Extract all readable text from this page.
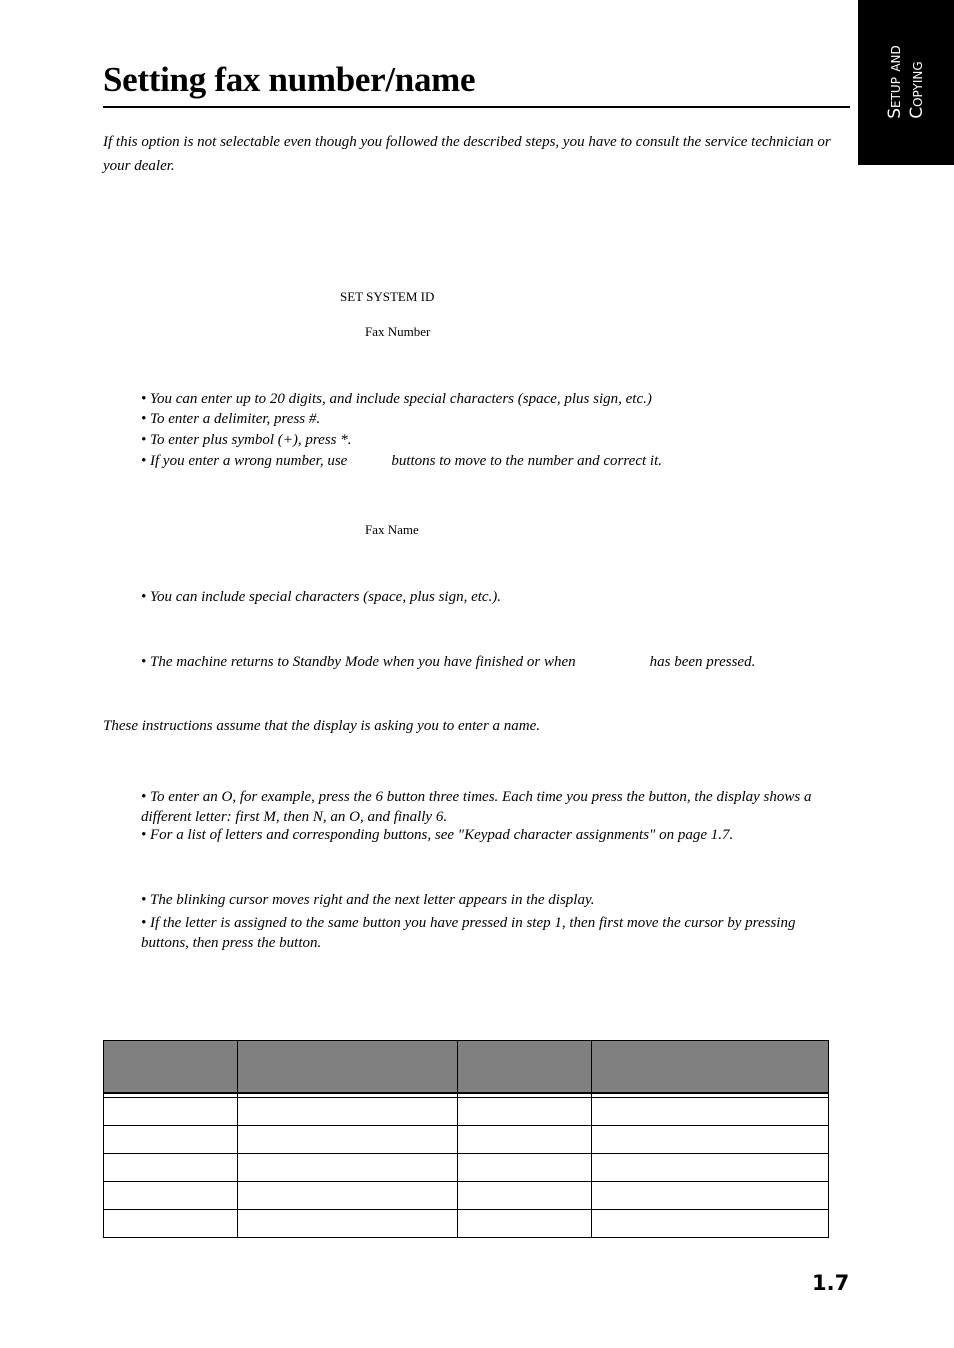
Setup and Copying
Setting fax number/name
If this option is not selectable even though you followed the described steps, you have to consult the service technician or your dealer.
SET SYSTEM ID
Fax Number
• You can enter up to 20 digits, and include special characters (space, plus sign, etc.)
• To enter a delimiter, press #.
• To enter plus symbol (+), press *.
• If you enter a wrong number, use	buttons to move to the number and correct it.
Fax Name
• You can include special characters (space, plus sign, etc.).
• The machine returns to Standby Mode when you have finished or when	has been pressed.
These instructions assume that the display is asking you to enter a name.
• To enter an O, for example, press the 6 button three times. Each time you press the button, the display shows a different letter: first M, then N, an O, and finally 6.
• For a list of letters and corresponding buttons, see "Keypad character assignments" on page 1.7.
• The blinking cursor moves right and the next letter appears in the display.
• If the letter is assigned to the same button you have pressed in step 1, then first move the cursor by pressing buttons, then press the button.

1.7
